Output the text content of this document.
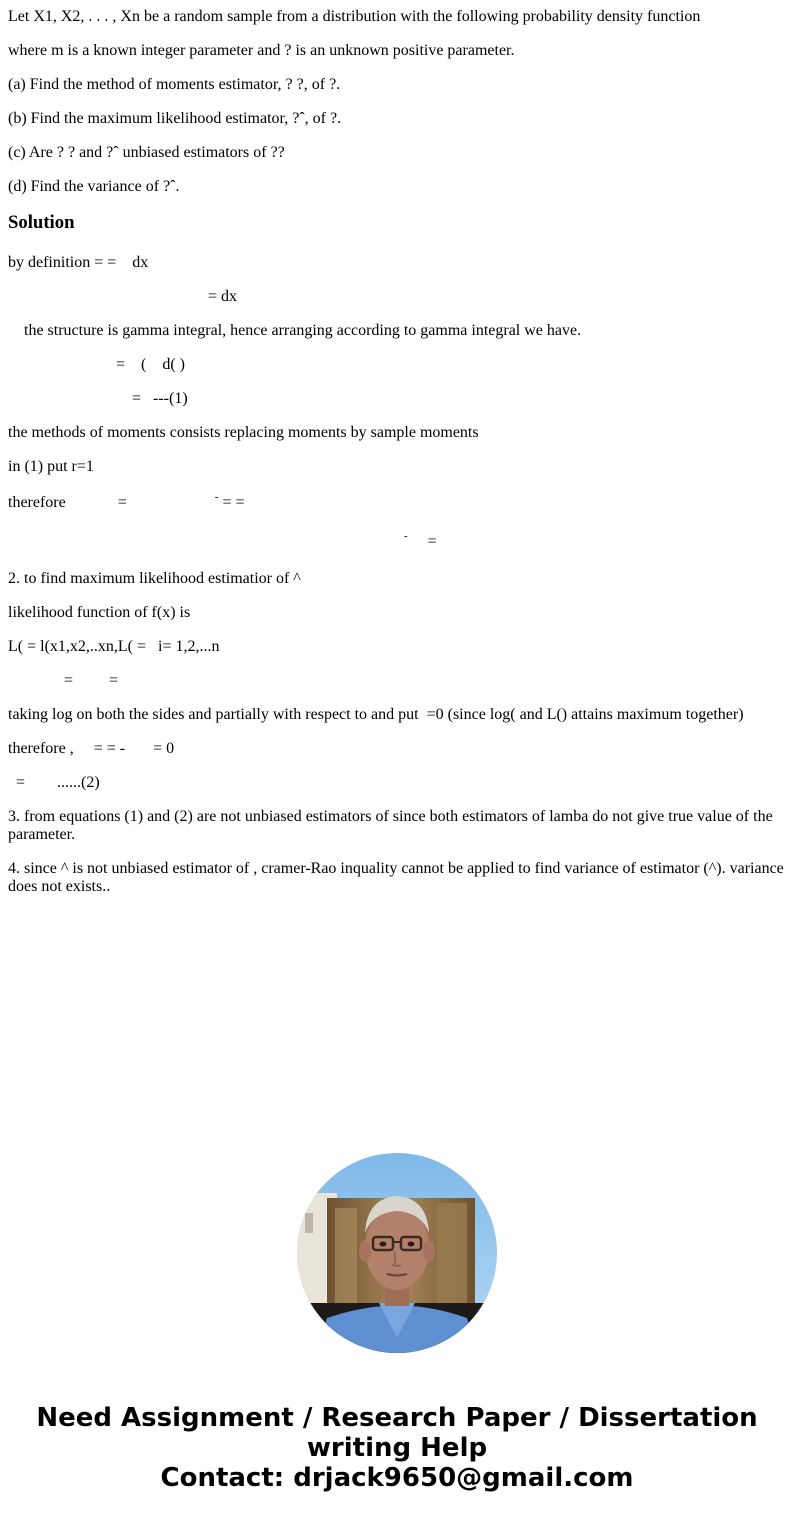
Let X1, X2, . . . , Xn be a random sample from a distribution with the following probability density function

where m is a known integer parameter and ? is an unknown positive parameter.

(a) Find the method of moments estimator, ? ?, of ?.

(b) Find the maximum likelihood estimator, ?ˆ, of ?.

(c) Are ? ? and ?ˆ unbiased estimators of ??

(d) Find the variance of ?ˆ.

Solution

by definition = =    dx

= dx

the structure is gamma integral, hence arranging according to gamma integral we have.

=    (    d( )

=   ---(1)

the methods of moments consists replacing moments by sample moments

in (1) put r=1

therefore             =                      - = =

-     =

2. to find maximum likelihood estimatior of ^

likelihood function of f(x) is

L( = l(x1,x2,..xn,L( =   i= 1,2,...n

=         =

taking log on both the sides and partially with respect to and put  =0 (since log( and L() attains maximum together)

therefore ,     = = -       = 0

=        ......(2)

3. from equations (1) and (2) are not unbiased estimators of since both estimators of lamba do not give true value of the parameter.

4. since ^ is not unbiased estimator of , cramer-Rao inquality cannot be applied to find variance of estimator (^). variance does not exists..

Need Assignment / Research Paper / Dissertation
writing Help
Contact: drjack9650@gmail.com
